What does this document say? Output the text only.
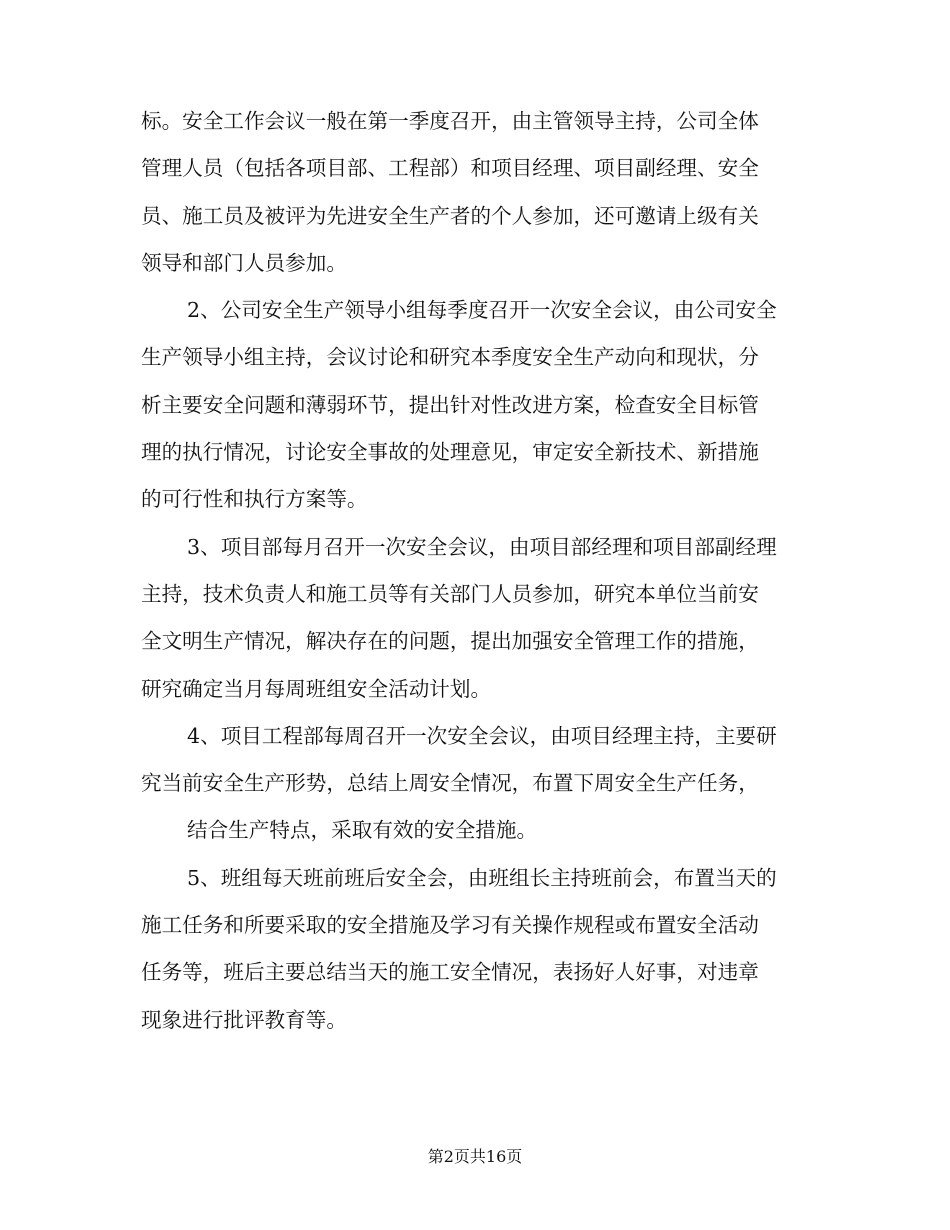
标。安全工作会议一般在第一季度召开，由主管领导主持，公司全体
管理人员（包括各项目部、工程部）和项目经理、项目副经理、安全
员、施工员及被评为先进安全生产者的个人参加，还可邀请上级有关
领导和部门人员参加。
2、公司安全生产领导小组每季度召开一次安全会议，由公司安全
生产领导小组主持，会议讨论和研究本季度安全生产动向和现状，分
析主要安全问题和薄弱环节，提出针对性改进方案，检查安全目标管
理的执行情况，讨论安全事故的处理意见，审定安全新技术、新措施
的可行性和执行方案等。
3、项目部每月召开一次安全会议，由项目部经理和项目部副经理
主持，技术负责人和施工员等有关部门人员参加，研究本单位当前安
全文明生产情况，解决存在的问题，提出加强安全管理工作的措施，
研究确定当月每周班组安全活动计划。
4、项目工程部每周召开一次安全会议，由项目经理主持，主要研
究当前安全生产形势，总结上周安全情况，布置下周安全生产任务，
结合生产特点，采取有效的安全措施。
5、班组每天班前班后安全会，由班组长主持班前会，布置当天的
施工任务和所要采取的安全措施及学习有关操作规程或布置安全活动
任务等，班后主要总结当天的施工安全情况，表扬好人好事，对违章
现象进行批评教育等。
第2页共16页
